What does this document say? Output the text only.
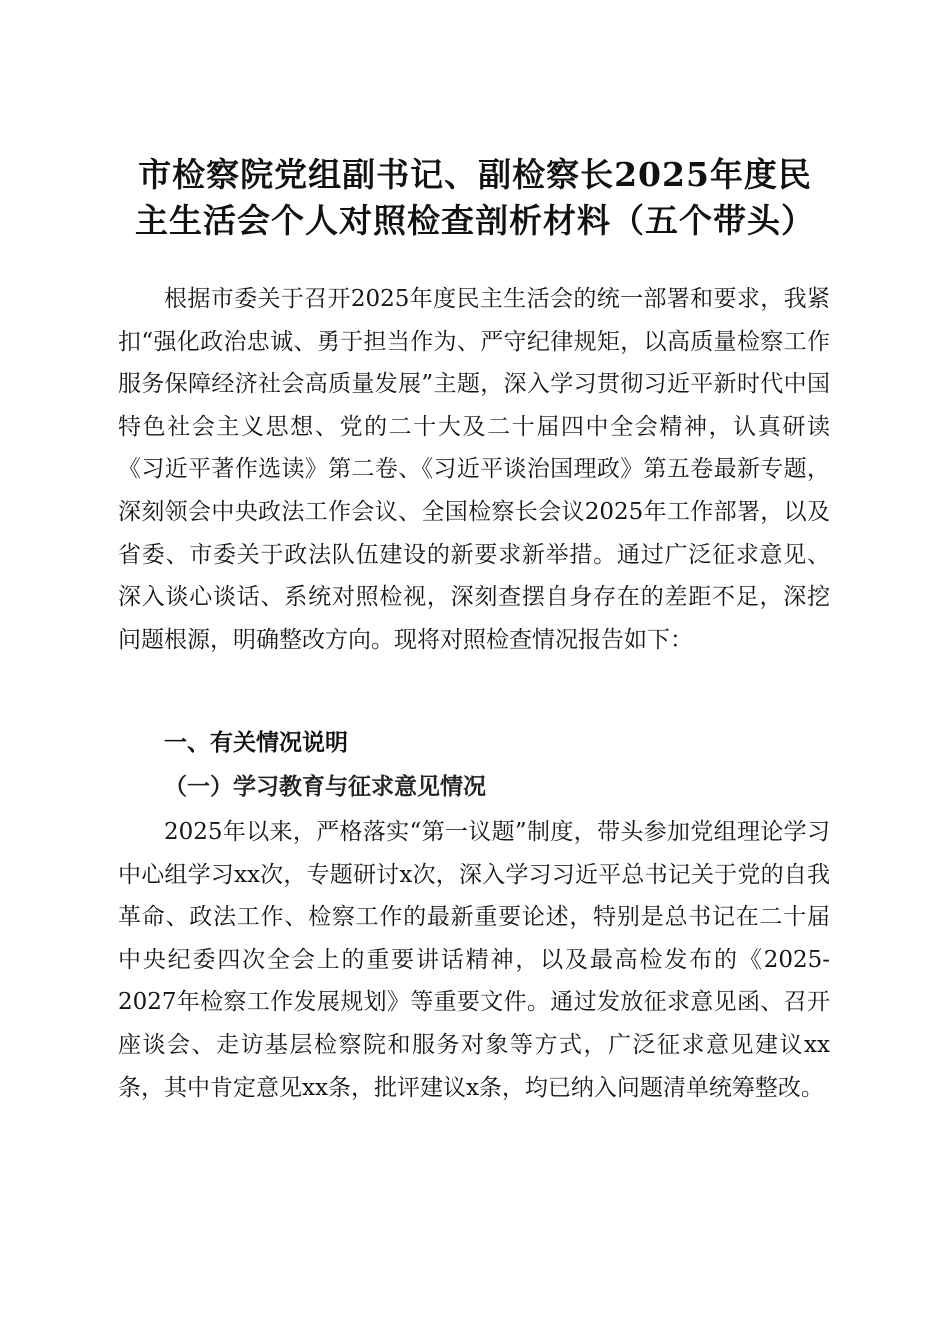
市检察院党组副书记、副检察长2025年度民
主生活会个人对照检查剖析材料（五个带头）

根据市委关于召开2025年度民主生活会的统一部署和要求，我紧扣“强化政治忠诚、勇于担当作为、严守纪律规矩，以高质量检察工作服务保障经济社会高质量发展”主题，深入学习贯彻习近平新时代中国特色社会主义思想、党的二十大及二十届四中全会精神，认真研读《习近平著作选读》第二卷、《习近平谈治国理政》第五卷最新专题，深刻领会中央政法工作会议、全国检察长会议2025年工作部署，以及省委、市委关于政法队伍建设的新要求新举措。通过广泛征求意见、深入谈心谈话、系统对照检视，深刻查摆自身存在的差距不足，深挖问题根源，明确整改方向。现将对照检查情况报告如下：

一、有关情况说明
（一）学习教育与征求意见情况

2025年以来，严格落实“第一议题”制度，带头参加党组理论学习中心组学习xx次，专题研讨x次，深入学习习近平总书记关于党的自我革命、政法工作、检察工作的最新重要论述，特别是总书记在二十届中央纪委四次全会上的重要讲话精神，以及最高检发布的《2025-2027年检察工作发展规划》等重要文件。通过发放征求意见函、召开座谈会、走访基层检察院和服务对象等方式，广泛征求意见建议xx条，其中肯定意见xx条，批评建议x条，均已纳入问题清单统筹整改。
